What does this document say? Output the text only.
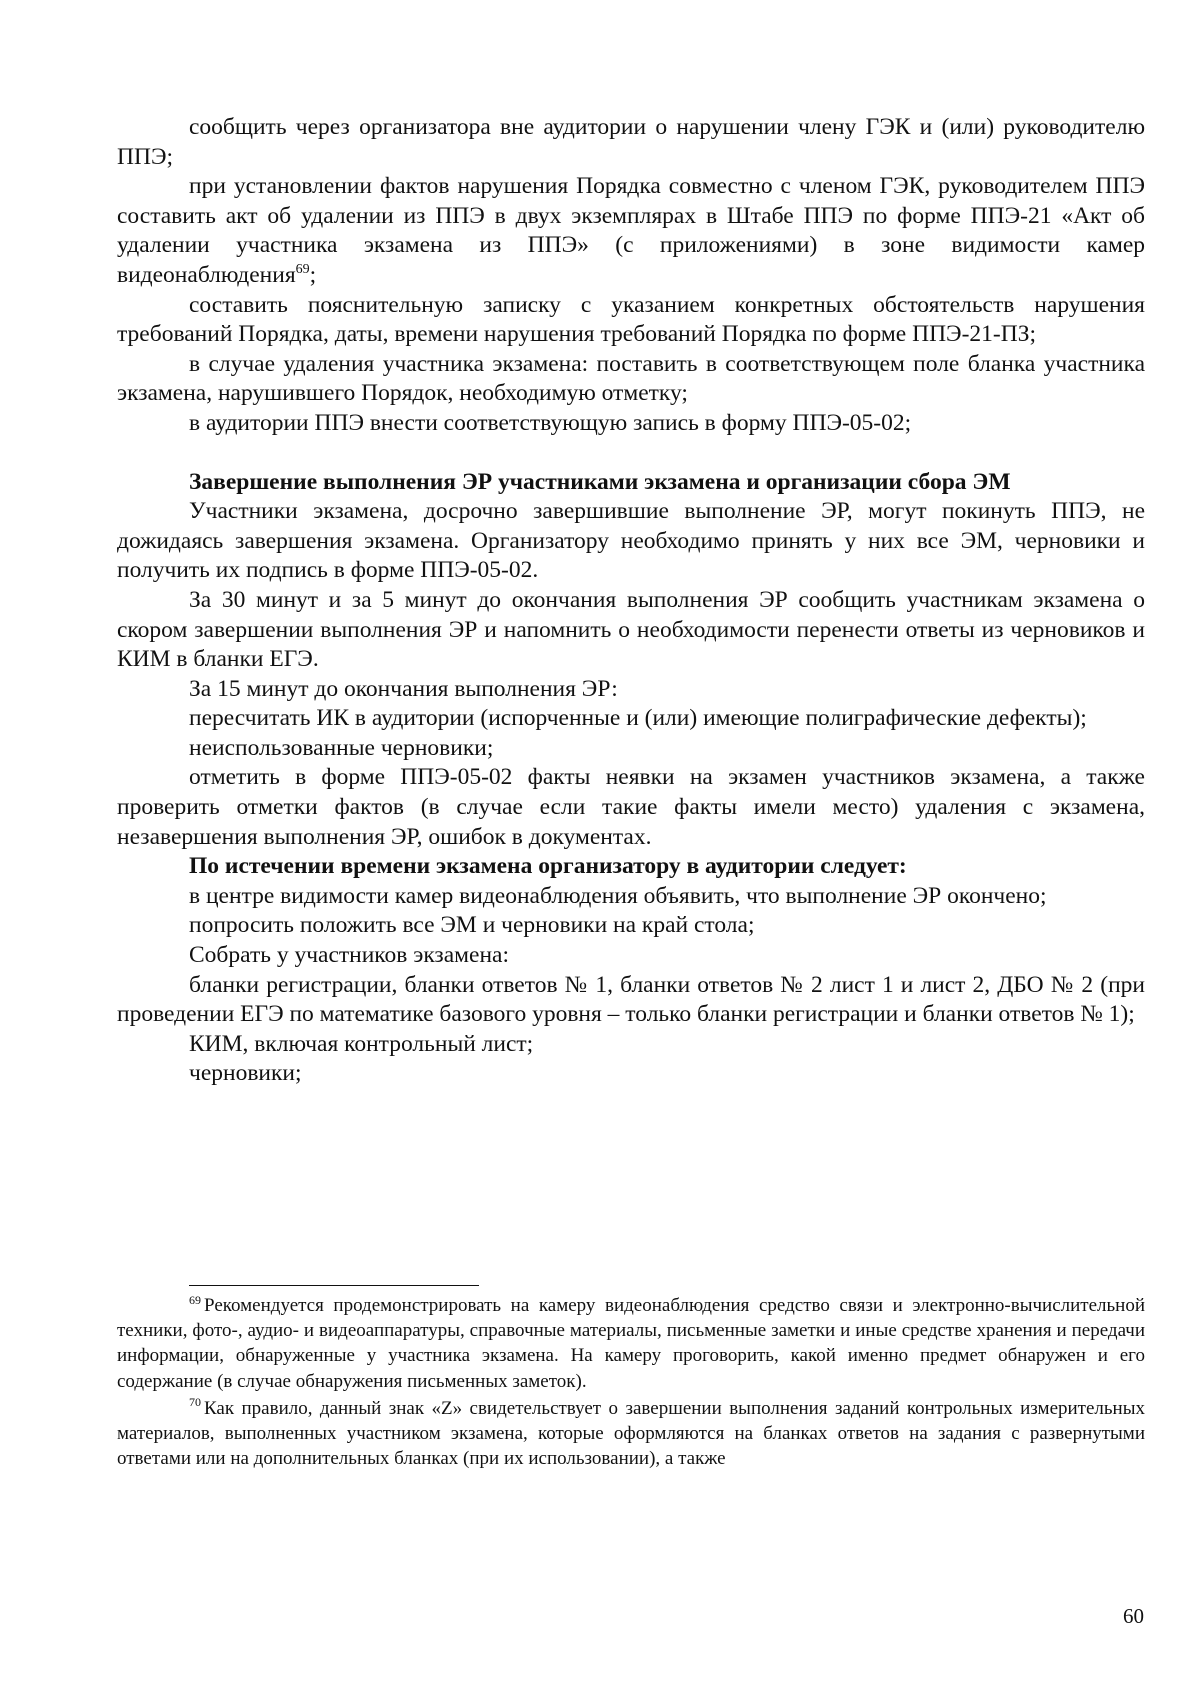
сообщить через организатора вне аудитории о нарушении члену ГЭК и (или) руководителю ППЭ;

при установлении фактов нарушения Порядка совместно с членом ГЭК, руководителем ППЭ составить акт об удалении из ППЭ в двух экземплярах в Штабе ППЭ по форме ППЭ-21 «Акт об удалении участника экзамена из ППЭ» (с приложениями) в зоне видимости камер видеонаблюдения$^{69}$;

составить пояснительную записку с указанием конкретных обстоятельств нарушения требований Порядка, даты, времени нарушения требований Порядка по форме ППЭ-21-ПЗ;

в случае удаления участника экзамена: поставить в соответствующем поле бланка участника экзамена, нарушившего Порядок, необходимую отметку;

в аудитории ППЭ внести соответствующую запись в форму ППЭ-05-02;

Завершение выполнения ЭР участниками экзамена и организации сбора ЭМ

Участники экзамена, досрочно завершившие выполнение ЭР, могут покинуть ППЭ, не дожидаясь завершения экзамена. Организатору необходимо принять у них все ЭМ, черновики и получить их подпись в форме ППЭ-05-02.

За 30 минут и за 5 минут до окончания выполнения ЭР сообщить участникам экзамена о скором завершении выполнения ЭР и напомнить о необходимости перенести ответы из черновиков и КИМ в бланки ЕГЭ.

За 15 минут до окончания выполнения ЭР:

пересчитать ИК в аудитории (испорченные и (или) имеющие полиграфические дефекты);

неиспользованные черновики;

отметить в форме ППЭ-05-02 факты неявки на экзамен участников экзамена, а также проверить отметки фактов (в случае если такие факты имели место) удаления с экзамена, незавершения выполнения ЭР, ошибок в документах.

По истечении времени экзамена организатору в аудитории следует:

в центре видимости камер видеонаблюдения объявить, что выполнение ЭР окончено;

попросить положить все ЭМ и черновики на край стола;

Собрать у участников экзамена:

бланки регистрации, бланки ответов № 1, бланки ответов № 2 лист 1 и лист 2, ДБО № 2 (при проведении ЕГЭ по математике базового уровня – только бланки регистрации и бланки ответов № 1);

КИМ, включая контрольный лист;

черновики;

$^{69}$ Рекомендуется продемонстрировать на камеру видеонаблюдения средство связи и электронно-вычислительной техники, фото-, аудио- и видеоаппаратуры, справочные материалы, письменные заметки и иные средстве хранения и передачи информации, обнаруженные у участника экзамена. На камеру проговорить, какой именно предмет обнаружен и его содержание (в случае обнаружения письменных заметок).

$^{70}$ Как правило, данный знак «Z» свидетельствует о завершении выполнения заданий контрольных измерительных материалов, выполненных участником экзамена, которые оформляются на бланках ответов на задания с развернутыми ответами или на дополнительных бланках (при их использовании), а также

60
